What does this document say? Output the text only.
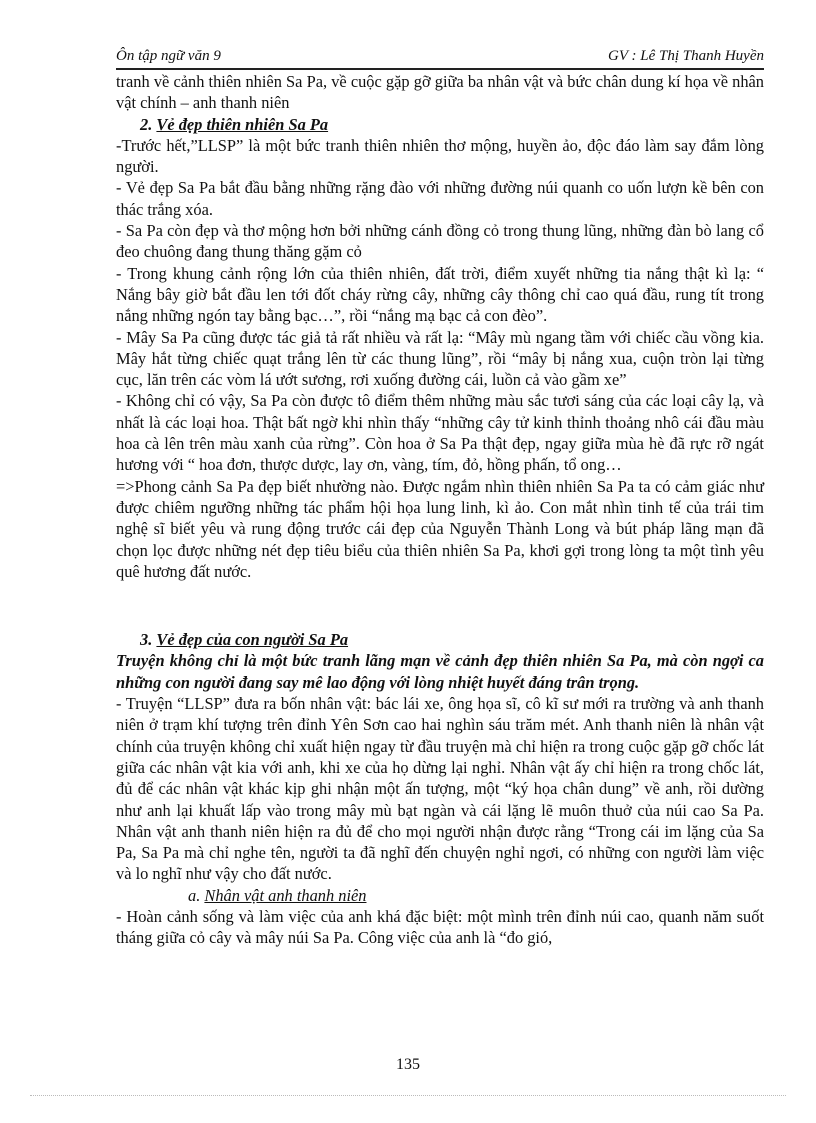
Ôn tập ngữ văn 9	GV : Lê Thị Thanh Huyền

tranh về cảnh thiên nhiên Sa Pa, về cuộc gặp gỡ giữa ba nhân vật và bức chân dung kí họa về nhân vật chính – anh thanh niên

2. Vẻ đẹp thiên nhiên Sa Pa

-Trước hết,”LLSP” là một bức tranh thiên nhiên thơ mộng, huyền ảo, độc đáo làm say đắm lòng người.

- Vẻ đẹp Sa Pa bắt đầu bằng những rặng đào với những đường núi quanh co uốn lượn kề bên con thác trắng xóa.

- Sa Pa còn đẹp và thơ mộng hơn bởi những cánh đồng cỏ trong thung lũng, những đàn bò lang cổ đeo chuông đang thung thăng gặm cỏ

- Trong khung cảnh rộng lớn của thiên nhiên, đất trời, điểm xuyết những tia nắng thật kì lạ: “ Nắng bây giờ bắt đầu len tới đốt cháy rừng cây, những cây thông chỉ cao quá đầu, rung tít trong nắng những ngón tay bằng bạc…”, rồi “nắng mạ bạc cả con đèo”.

- Mây Sa Pa cũng được tác giả tả rất nhiều và rất lạ: “Mây mù ngang tầm với chiếc cầu vồng kia. Mây hắt từng chiếc quạt trắng lên từ các thung lũng”, rồi “mây bị nắng xua, cuộn tròn lại từng cục, lăn trên các vòm lá ướt sương, rơi xuống đường cái, luồn cả vào gầm xe”

- Không chỉ có vậy, Sa Pa còn được tô điểm thêm những màu sắc tươi sáng của các loại cây lạ, và nhất là các loại hoa. Thật bất ngờ khi nhìn thấy “những cây tử kinh thỉnh thoảng nhô cái đầu màu hoa cà lên trên màu xanh của rừng”. Còn hoa ở Sa Pa thật đẹp, ngay giữa mùa hè đã rực rỡ ngát hương với “ hoa đơn, thược dược, lay ơn, vàng, tím, đỏ, hồng phấn, tổ ong…

=>Phong cảnh Sa Pa đẹp biết nhường nào. Được ngắm nhìn thiên nhiên Sa Pa ta có cảm giác như được chiêm ngưỡng những tác phẩm hội họa lung linh, kì ảo. Con mắt nhìn tinh tế của trái tim nghệ sĩ biết yêu và rung động trước cái đẹp của Nguyễn Thành Long và bút pháp lãng mạn đã chọn lọc được những nét đẹp tiêu biểu của thiên nhiên Sa Pa, khơi gợi trong lòng ta một tình yêu quê hương đất nước.

3. Vẻ đẹp của con người Sa Pa

Truyện không chỉ là một bức tranh lãng mạn về cảnh đẹp thiên nhiên Sa Pa, mà còn ngợi ca những con người đang say mê lao động với lòng nhiệt huyết đáng trân trọng.

- Truyện “LLSP” đưa ra bốn nhân vật: bác lái xe, ông họa sĩ, cô kĩ sư mới ra trường và anh thanh niên ở trạm khí tượng trên đỉnh Yên Sơn cao hai nghìn sáu trăm mét. Anh thanh niên là nhân vật chính của truyện không chỉ xuất hiện ngay từ đầu truyện mà chỉ hiện ra trong cuộc gặp gỡ chốc lát giữa các nhân vật kia với anh, khi xe của họ dừng lại nghỉ. Nhân vật ấy chỉ hiện ra trong chốc lát, đủ để các nhân vật khác kịp ghi nhận một ấn tượng, một “ký họa chân dung” về anh, rồi dường như anh lại khuất lấp vào trong mây mù bạt ngàn và cái lặng lẽ muôn thuở của núi cao Sa Pa. Nhân vật anh thanh niên hiện ra đủ để cho mọi người nhận được rằng “Trong cái im lặng của Sa Pa, Sa Pa mà chỉ nghe tên, người ta đã nghĩ đến chuyện nghỉ ngơi, có những con người làm việc và lo nghĩ như vậy cho đất nước.

a. Nhân vật anh thanh niên

- Hoàn cảnh sống và làm việc của anh khá đặc biệt: một mình trên đỉnh núi cao, quanh năm suốt tháng giữa cỏ cây và mây núi Sa Pa. Công việc của anh là “đo gió,

135
